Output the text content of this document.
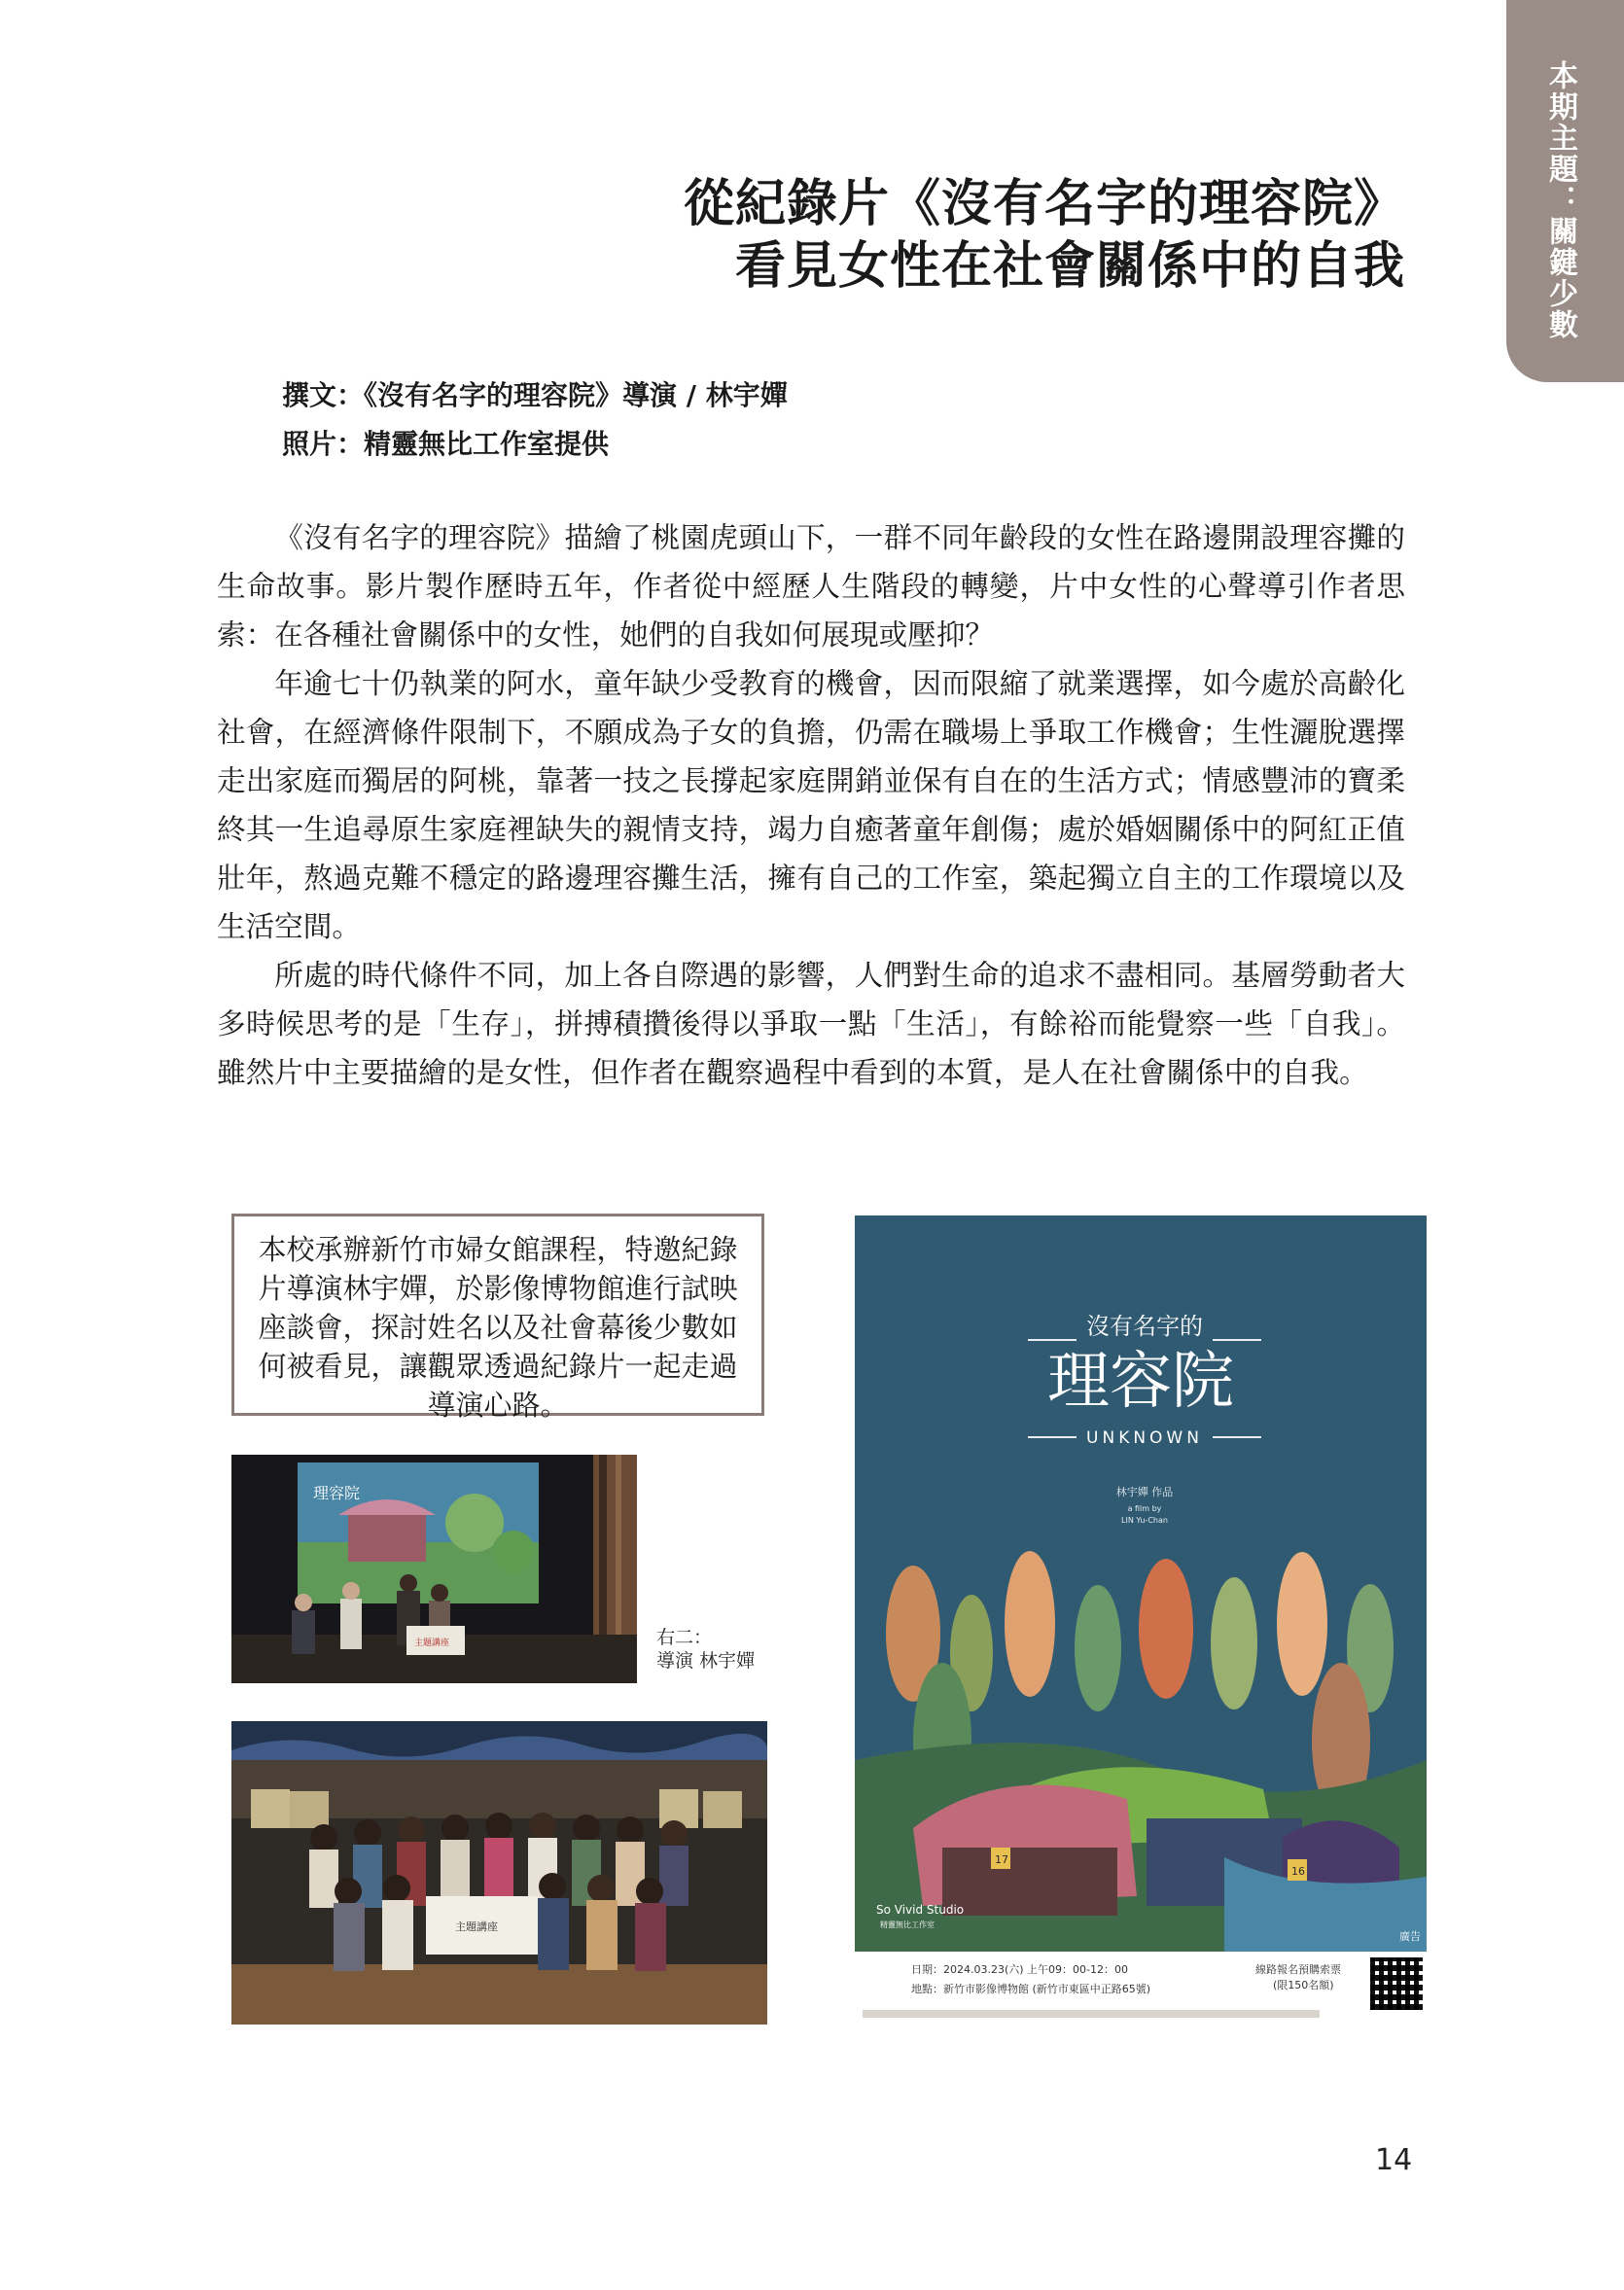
本期主題：關鍵少數
從紀錄片《沒有名字的理容院》
看見女性在社會關係中的自我
撰文：《沒有名字的理容院》導演 / 林宇嬋
照片：精靈無比工作室提供

《沒有名字的理容院》描繪了桃園虎頭山下，一群不同年齡段的女性在路邊開設理容攤的生命故事。影片製作歷時五年，作者從中經歷人生階段的轉變，片中女性的心聲導引作者思索：在各種社會關係中的女性，她們的自我如何展現或壓抑？

年逾七十仍執業的阿水，童年缺少受教育的機會，因而限縮了就業選擇，如今處於高齡化社會，在經濟條件限制下，不願成為子女的負擔，仍需在職場上爭取工作機會；生性灑脫選擇走出家庭而獨居的阿桃，靠著一技之長撐起家庭開銷並保有自在的生活方式；情感豐沛的寶柔終其一生追尋原生家庭裡缺失的親情支持，竭力自癒著童年創傷；處於婚姻關係中的阿紅正值壯年，熬過克難不穩定的路邊理容攤生活，擁有自己的工作室，築起獨立自主的工作環境以及生活空間。

所處的時代條件不同，加上各自際遇的影響，人們對生命的追求不盡相同。基層勞動者大多時候思考的是「生存」，拼搏積攢後得以爭取一點「生活」，有餘裕而能覺察一些「自我」。雖然片中主要描繪的是女性，但作者在觀察過程中看到的本質，是人在社會關係中的自我。

本校承辦新竹市婦女館課程，特邀紀錄片導演林宇嬋，於影像博物館進行試映座談會，探討姓名以及社會幕後少數如何被看見，讓觀眾透過紀錄片一起走過導演心路。
理容院
主題講座	右二：
導演 林宇嬋
主題講座
17
16
沒有名字的
理容院
UNKNOWN
林宇嬋 作品
a film by
LIN Yu-Chan
So Vivid Studio
精靈無比工作室
廣告
日期：2024.03.23(六) 上午09：00-12：00
地點：新竹市影像博物館 (新竹市東區中正路65號)
線路報名預購索票
(限150名額)
14
